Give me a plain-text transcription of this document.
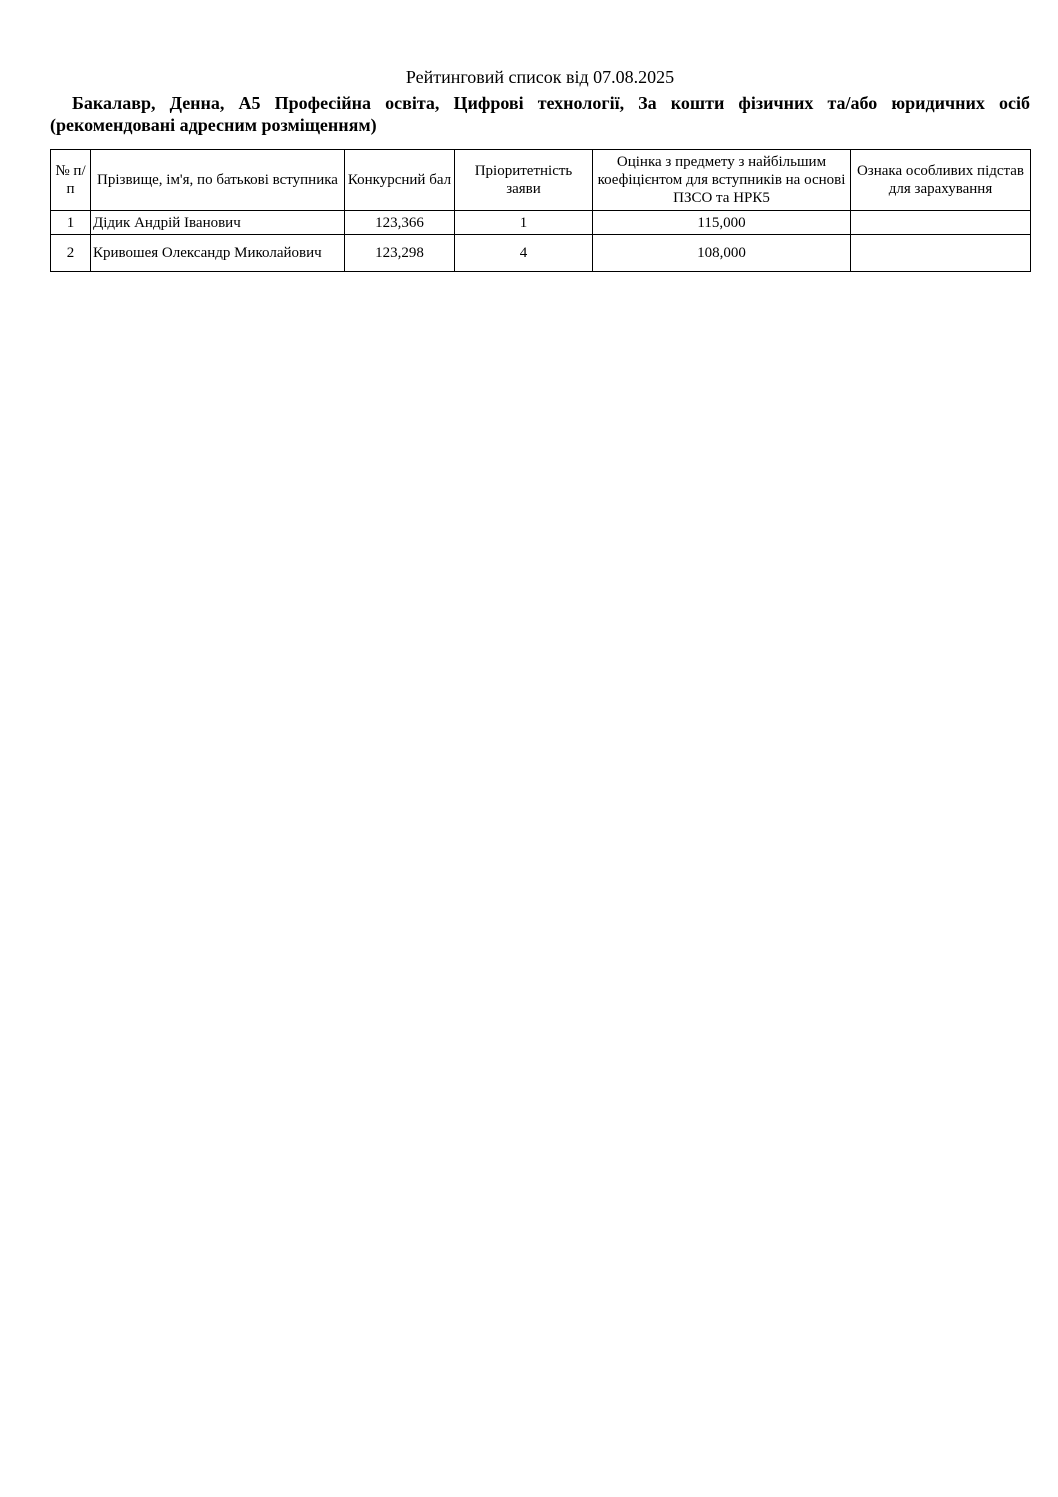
Рейтинговий список від 07.08.2025
Бакалавр, Денна, A5 Професійна освіта, Цифрові технології, За кошти фізичних та/або юридичних осіб (рекомендовані адресним розміщенням)
№ п/п	Прізвище, ім'я, по батькові вступника	Конкурсний бал	Пріоритетність заяви	Оцінка з предмету з найбільшим коефіцієнтом для вступників на основі ПЗСО та НРК5	Ознака особливих підстав для зарахування
1	Дідик Андрій Іванович	123,366	1	115,000	
2	Кривошея Олександр Миколайович	123,298	4	108,000	
